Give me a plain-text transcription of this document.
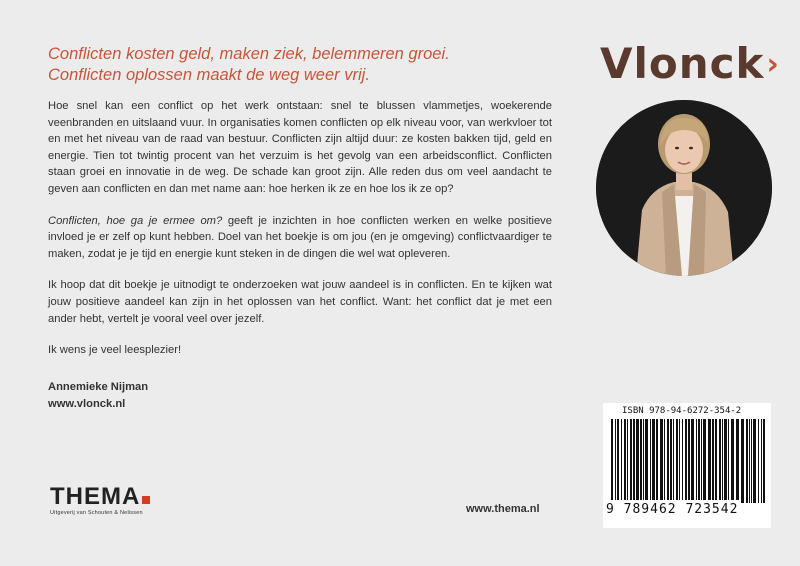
Conflicten kosten geld, maken ziek, belemmeren groei.
Conflicten oplossen maakt de weg weer vrij.

Hoe snel kan een conflict op het werk ontstaan: snel te blussen vlammetjes, woekerende veenbranden en uitslaand vuur. In organisaties komen conflicten op elk niveau voor, van werkvloer tot en met het niveau van de raad van bestuur. Conflicten zijn altijd duur: ze kosten bakken tijd, geld en energie. Tien tot twintig procent van het verzuim is het gevolg van een arbeidsconflict. Conflicten staan groei en innovatie in de weg. De schade kan groot zijn. Alle reden dus om veel aandacht te geven aan conflicten en dan met name aan: hoe herken ik ze en hoe los ik ze op?

Conflicten, hoe ga je ermee om? geeft je inzichten in hoe conflicten werken en welke positieve invloed je er zelf op kunt hebben. Doel van het boekje is om jou (en je omgeving) conflictvaardiger te maken, zodat je je tijd en energie kunt steken in de dingen die wel wat opleveren.

Ik hoop dat dit boekje je uitnodigt te onderzoeken wat jouw aandeel is in conflicten. En te kijken wat jouw positieve aandeel kan zijn in het oplossen van het conflict. Want: het conflict dat je met een ander hebt, vertelt je vooral veel over jezelf.

Ik wens je veel leesplezier!

Annemieke Nijman
www.vlonck.nl
Vlonck›
ISBN 978-94-6272-354-2
9 789462 723542
THEMA
Uitgeverij van Schouten & Nelissen	www.thema.nl
